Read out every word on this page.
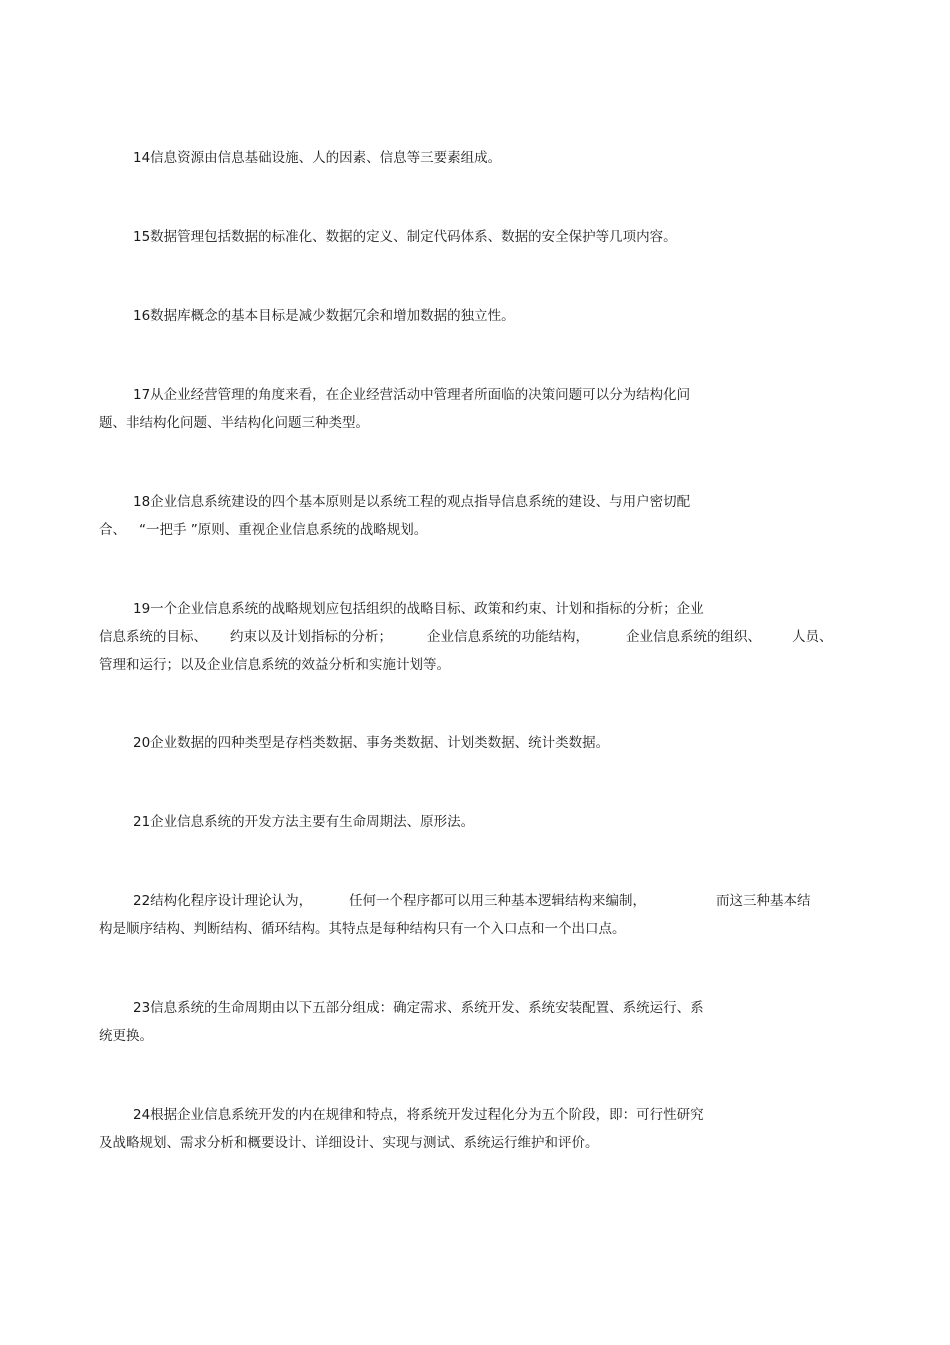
14信息资源由信息基础设施、人的因素、信息等三要素组成。
15数据管理包括数据的标准化、数据的定义、制定代码体系、数据的安全保护等几项内容。
16数据库概念的基本目标是减少数据冗余和增加数据的独立性。
17从企业经营管理的角度来看，在企业经营活动中管理者所面临的决策问题可以分为结构化问
题、非结构化问题、半结构化问题三种类型。
18企业信息系统建设的四个基本原则是以系统工程的观点指导信息系统的建设、与用户密切配
合、 “一把手 ”原则、重视企业信息系统的战略规划。
19一个企业信息系统的战略规划应包括组织的战略目标、政策和约束、计划和指标的分析；企业
信息系统的目标、 约束以及计划指标的分析；	企业信息系统的功能结构，	企业信息系统的组织、 人员、
管理和运行；以及企业信息系统的效益分析和实施计划等。
20企业数据的四种类型是存档类数据、事务类数据、计划类数据、统计类数据。
21企业信息系统的开发方法主要有生命周期法、原形法。
22结构化程序设计理论认为，	任何一个程序都可以用三种基本逻辑结构来编制，	而这三种基本结
构是顺序结构、判断结构、循环结构。其特点是每种结构只有一个入口点和一个出口点。
23信息系统的生命周期由以下五部分组成：确定需求、系统开发、系统安装配置、系统运行、系
统更换。
24根据企业信息系统开发的内在规律和特点，将系统开发过程化分为五个阶段，即：可行性研究
及战略规划、需求分析和概要设计、详细设计、实现与测试、系统运行维护和评价。
